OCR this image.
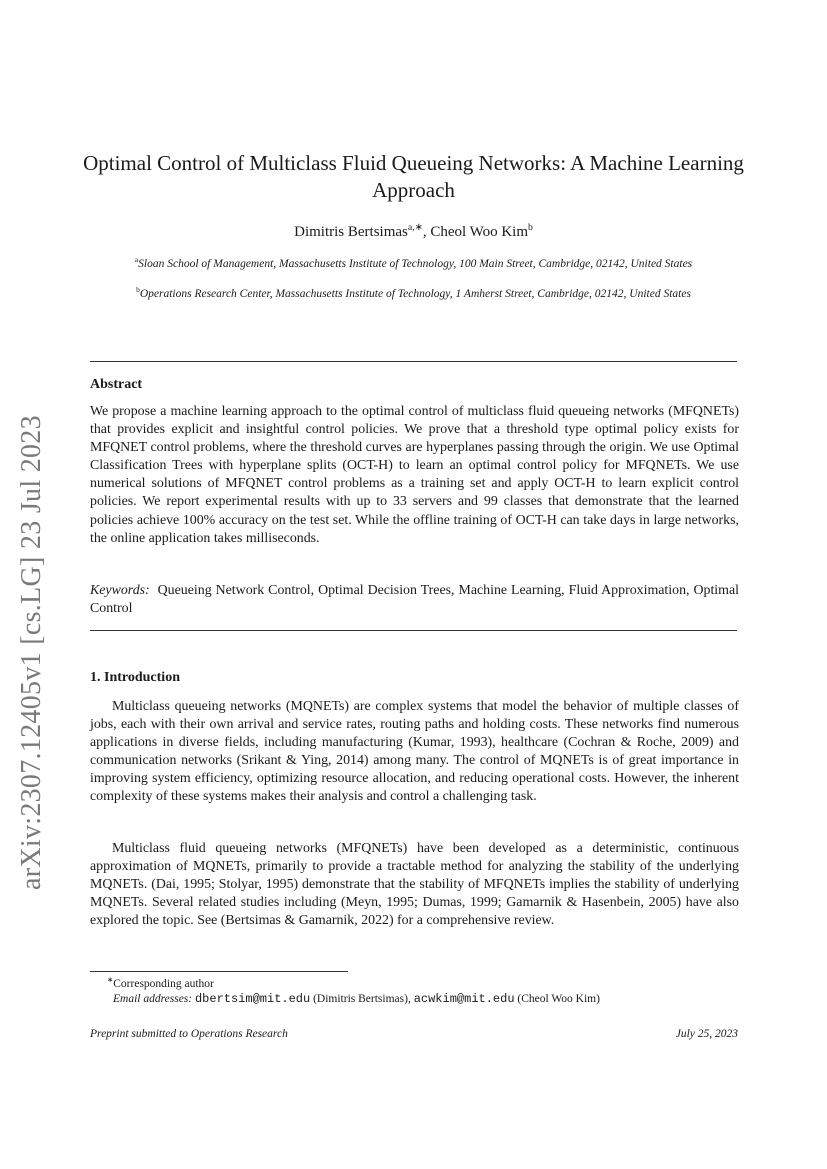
arXiv:2307.12405v1 [cs.LG] 23 Jul 2023
Optimal Control of Multiclass Fluid Queueing Networks: A Machine Learning
Approach
Dimitris Bertsimas$^{a,∗}$, Cheol Woo Kim$^b$
$^a$Sloan School of Management, Massachusetts Institute of Technology, 100 Main Street, Cambridge, 02142, United States
$^b$Operations Research Center, Massachusetts Institute of Technology, 1 Amherst Street, Cambridge, 02142, United States
Abstract
We propose a machine learning approach to the optimal control of multiclass fluid queueing networks (MFQNETs) that provides explicit and insightful control policies. We prove that a threshold type optimal policy exists for MFQNET control problems, where the threshold curves are hyperplanes passing through the origin. We use Optimal Classification Trees with hyperplane splits (OCT-H) to learn an optimal control policy for MFQNETs. We use numerical solutions of MFQNET control problems as a training set and apply OCT-H to learn explicit control policies. We report experimental results with up to 33 servers and 99 classes that demonstrate that the learned policies achieve 100% accuracy on the test set. While the offline training of OCT-H can take days in large networks, the online application takes milliseconds.
Keywords: Queueing Network Control, Optimal Decision Trees, Machine Learning, Fluid Approximation, Optimal Control
1. Introduction
Multiclass queueing networks (MQNETs) are complex systems that model the behavior of multiple classes of jobs, each with their own arrival and service rates, routing paths and holding costs. These networks find numerous applications in diverse fields, including manufacturing (Kumar, 1993), healthcare (Cochran & Roche, 2009) and communication networks (Srikant & Ying, 2014) among many. The control of MQNETs is of great importance in improving system efficiency, optimizing resource allocation, and reducing operational costs. However, the inherent complexity of these systems makes their analysis and control a challenging task.
Multiclass fluid queueing networks (MFQNETs) have been developed as a deterministic, continuous approximation of MQNETs, primarily to provide a tractable method for analyzing the stability of the underlying MQNETs. (Dai, 1995; Stolyar, 1995) demonstrate that the stability of MFQNETs implies the stability of underlying MQNETs. Several related studies including (Meyn, 1995; Dumas, 1999; Gamarnik & Hasenbein, 2005) have also explored the topic. See (Bertsimas & Gamarnik, 2022) for a comprehensive review.
∗Corresponding author
Email addresses: dbertsim@mit.edu (Dimitris Bertsimas), acwkim@mit.edu (Cheol Woo Kim)
Preprint submitted to Operations Research	July 25, 2023
